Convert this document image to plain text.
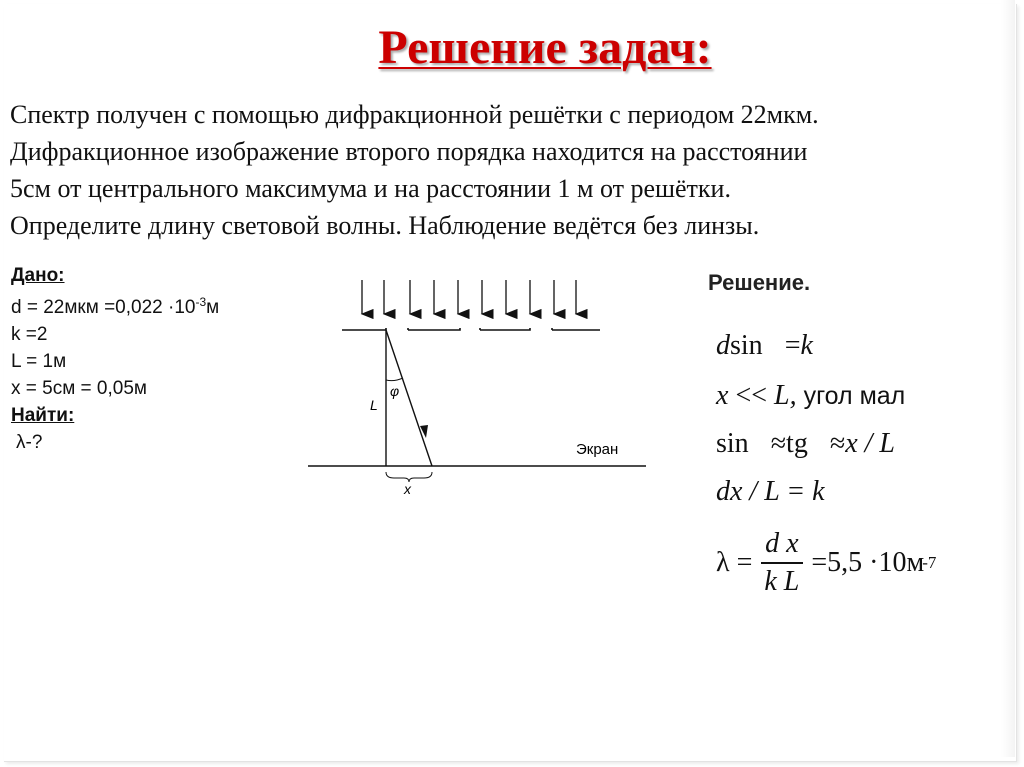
Решение задач:
Спектр получен с помощью дифракционной решётки с периодом 22мкм.
Дифракционное изображение второго порядка находится на расстоянии
5см от центрального максимума и на расстоянии 1 м от решётки.
Определите длину световой волны. Наблюдение ведётся без линзы.
Дано:
$d = 22мкм =0,022 \cdot 10^{-3}м$
k =2
L = 1м
x = 5см = 0,05м
Найти:
λ-?
L
φ
x
Экран
Решение.
dsin =k
x << L, угол мал
sin ≈tg ≈x / L
dx / L = k
$\lambda = \frac{\text{d x}}{\text{k L}} =5,5 \cdot 10м$
-7
